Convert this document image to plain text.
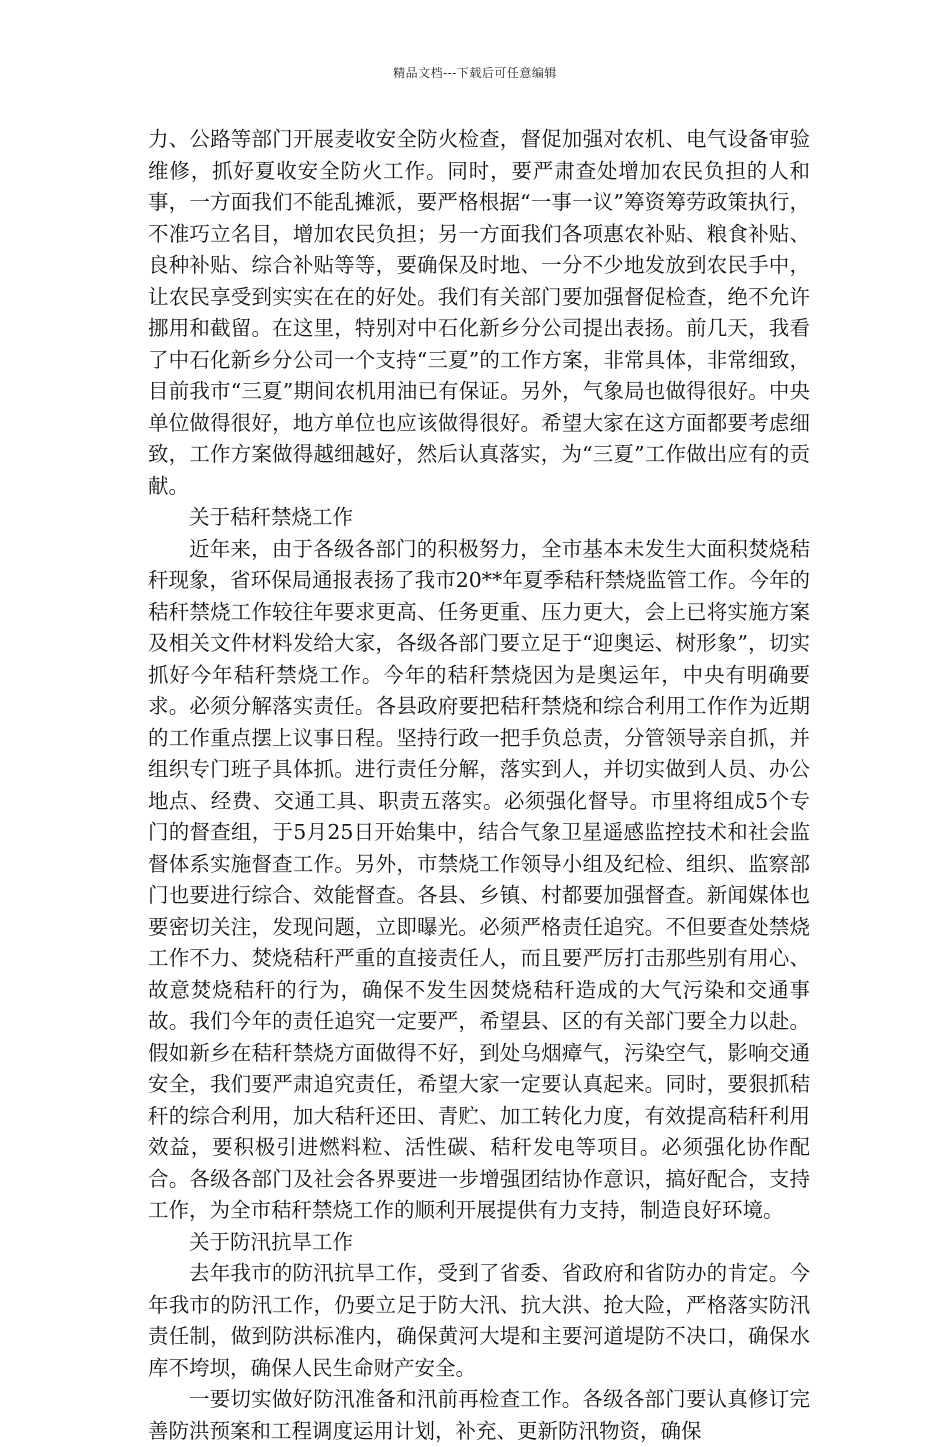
精品文档---下载后可任意编辑

力、公路等部门开展麦收安全防火检查，督促加强对农机、电气设备审验维修，抓好夏收安全防火工作。同时，要严肃查处增加农民负担的人和事，一方面我们不能乱摊派，要严格根据“一事一议”筹资筹劳政策执行，不准巧立名目，增加农民负担；另一方面我们各项惠农补贴、粮食补贴、良种补贴、综合补贴等等，要确保及时地、一分不少地发放到农民手中，让农民享受到实实在在的好处。我们有关部门要加强督促检查，绝不允许挪用和截留。在这里，特别对中石化新乡分公司提出表扬。前几天，我看了中石化新乡分公司一个支持“三夏”的工作方案，非常具体，非常细致，目前我市“三夏”期间农机用油已有保证。另外，气象局也做得很好。中央单位做得很好，地方单位也应该做得很好。希望大家在这方面都要考虑细致，工作方案做得越细越好，然后认真落实，为“三夏”工作做出应有的贡献。

关于秸秆禁烧工作

近年来，由于各级各部门的积极努力，全市基本未发生大面积焚烧秸秆现象，省环保局通报表扬了我市20**年夏季秸秆禁烧监管工作。今年的秸秆禁烧工作较往年要求更高、任务更重、压力更大，会上已将实施方案及相关文件材料发给大家，各级各部门要立足于“迎奥运、树形象”，切实抓好今年秸秆禁烧工作。今年的秸秆禁烧因为是奥运年，中央有明确要求。必须分解落实责任。各县政府要把秸秆禁烧和综合利用工作作为近期的工作重点摆上议事日程。坚持行政一把手负总责，分管领导亲自抓，并组织专门班子具体抓。进行责任分解，落实到人，并切实做到人员、办公地点、经费、交通工具、职责五落实。必须强化督导。市里将组成5个专门的督查组，于5月25日开始集中，结合气象卫星遥感监控技术和社会监督体系实施督查工作。另外，市禁烧工作领导小组及纪检、组织、监察部门也要进行综合、效能督查。各县、乡镇、村都要加强督查。新闻媒体也要密切关注，发现问题，立即曝光。必须严格责任追究。不但要查处禁烧工作不力、焚烧秸秆严重的直接责任人，而且要严厉打击那些别有用心、故意焚烧秸秆的行为，确保不发生因焚烧秸秆造成的大气污染和交通事故。我们今年的责任追究一定要严，希望县、区的有关部门要全力以赴。假如新乡在秸秆禁烧方面做得不好，到处乌烟瘴气，污染空气，影响交通安全，我们要严肃追究责任，希望大家一定要认真起来。同时，要狠抓秸秆的综合利用，加大秸秆还田、青贮、加工转化力度，有效提高秸秆利用效益，要积极引进燃料粒、活性碳、秸秆发电等项目。必须强化协作配合。各级各部门及社会各界要进一步增强团结协作意识，搞好配合，支持工作，为全市秸秆禁烧工作的顺利开展提供有力支持，制造良好环境。

关于防汛抗旱工作

去年我市的防汛抗旱工作，受到了省委、省政府和省防办的肯定。今年我市的防汛工作，仍要立足于防大汛、抗大洪、抢大险，严格落实防汛责任制，做到防洪标准内，确保黄河大堤和主要河道堤防不决口，确保水库不垮坝，确保人民生命财产安全。

一要切实做好防汛准备和汛前再检查工作。各级各部门要认真修订完善防洪预案和工程调度运用计划，补充、更新防汛物资，确保
